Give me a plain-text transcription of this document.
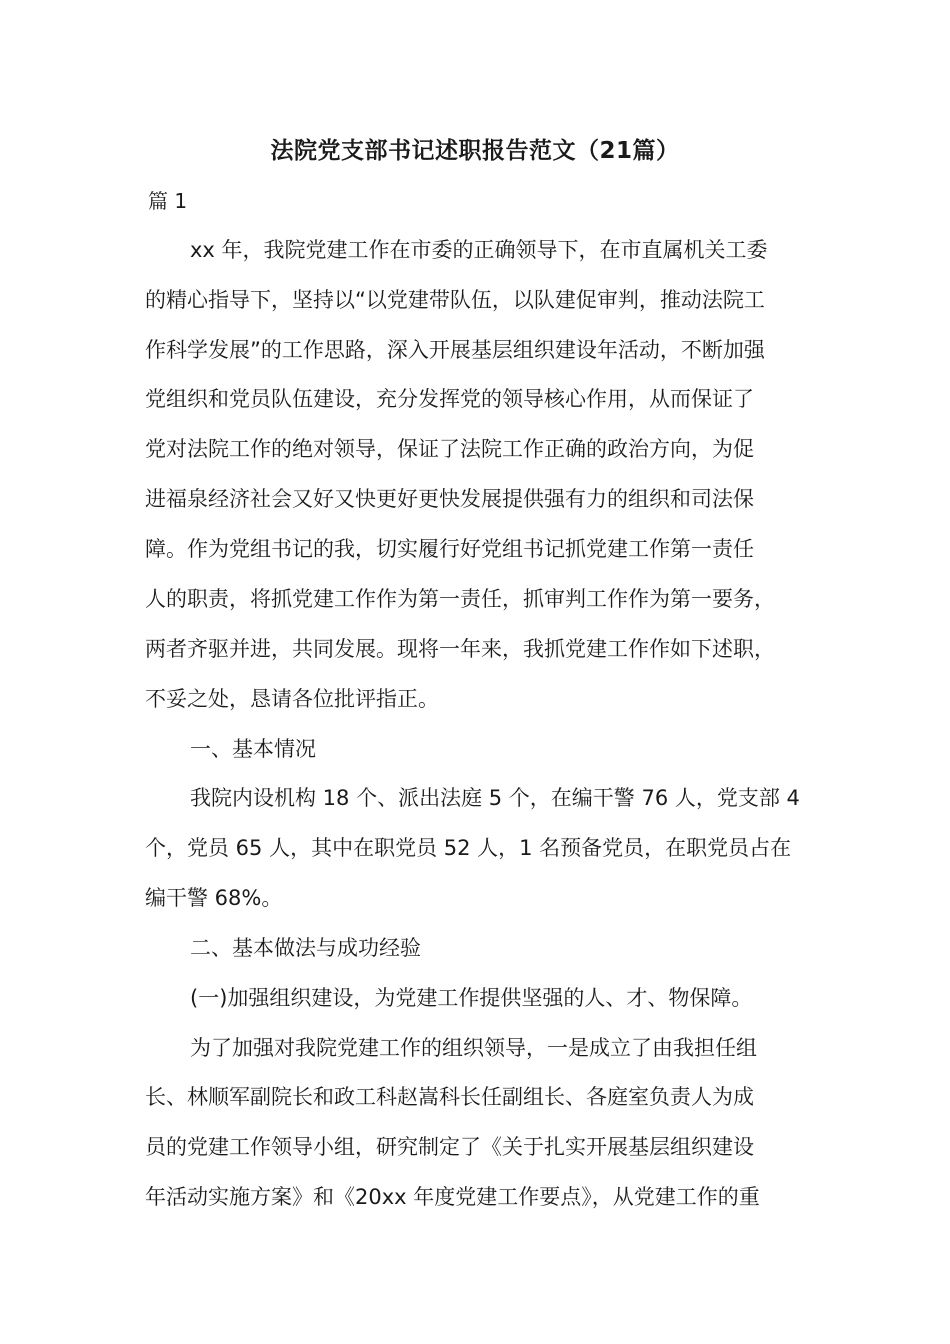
法院党支部书记述职报告范文（21篇）
篇 1
xx 年，我院党建工作在市委的正确领导下，在市直属机关工委
的精心指导下，坚持以“以党建带队伍，以队建促审判，推动法院工
作科学发展”的工作思路，深入开展基层组织建设年活动，不断加强
党组织和党员队伍建设，充分发挥党的领导核心作用，从而保证了
党对法院工作的绝对领导，保证了法院工作正确的政治方向，为促
进福泉经济社会又好又快更好更快发展提供强有力的组织和司法保
障。作为党组书记的我，切实履行好党组书记抓党建工作第一责任
人的职责，将抓党建工作作为第一责任，抓审判工作作为第一要务，
两者齐驱并进，共同发展。现将一年来，我抓党建工作作如下述职，
不妥之处，恳请各位批评指正。
一、基本情况
我院内设机构 18 个、派出法庭 5 个，在编干警 76 人，党支部 4
个，党员 65 人，其中在职党员 52 人，1 名预备党员，在职党员占在
编干警 68%。
二、基本做法与成功经验
(一)加强组织建设，为党建工作提供坚强的人、才、物保障。
为了加强对我院党建工作的组织领导，一是成立了由我担任组
长、林顺军副院长和政工科赵嵩科长任副组长、各庭室负责人为成
员的党建工作领导小组，研究制定了《关于扎实开展基层组织建设
年活动实施方案》和《20xx 年度党建工作要点》，从党建工作的重
